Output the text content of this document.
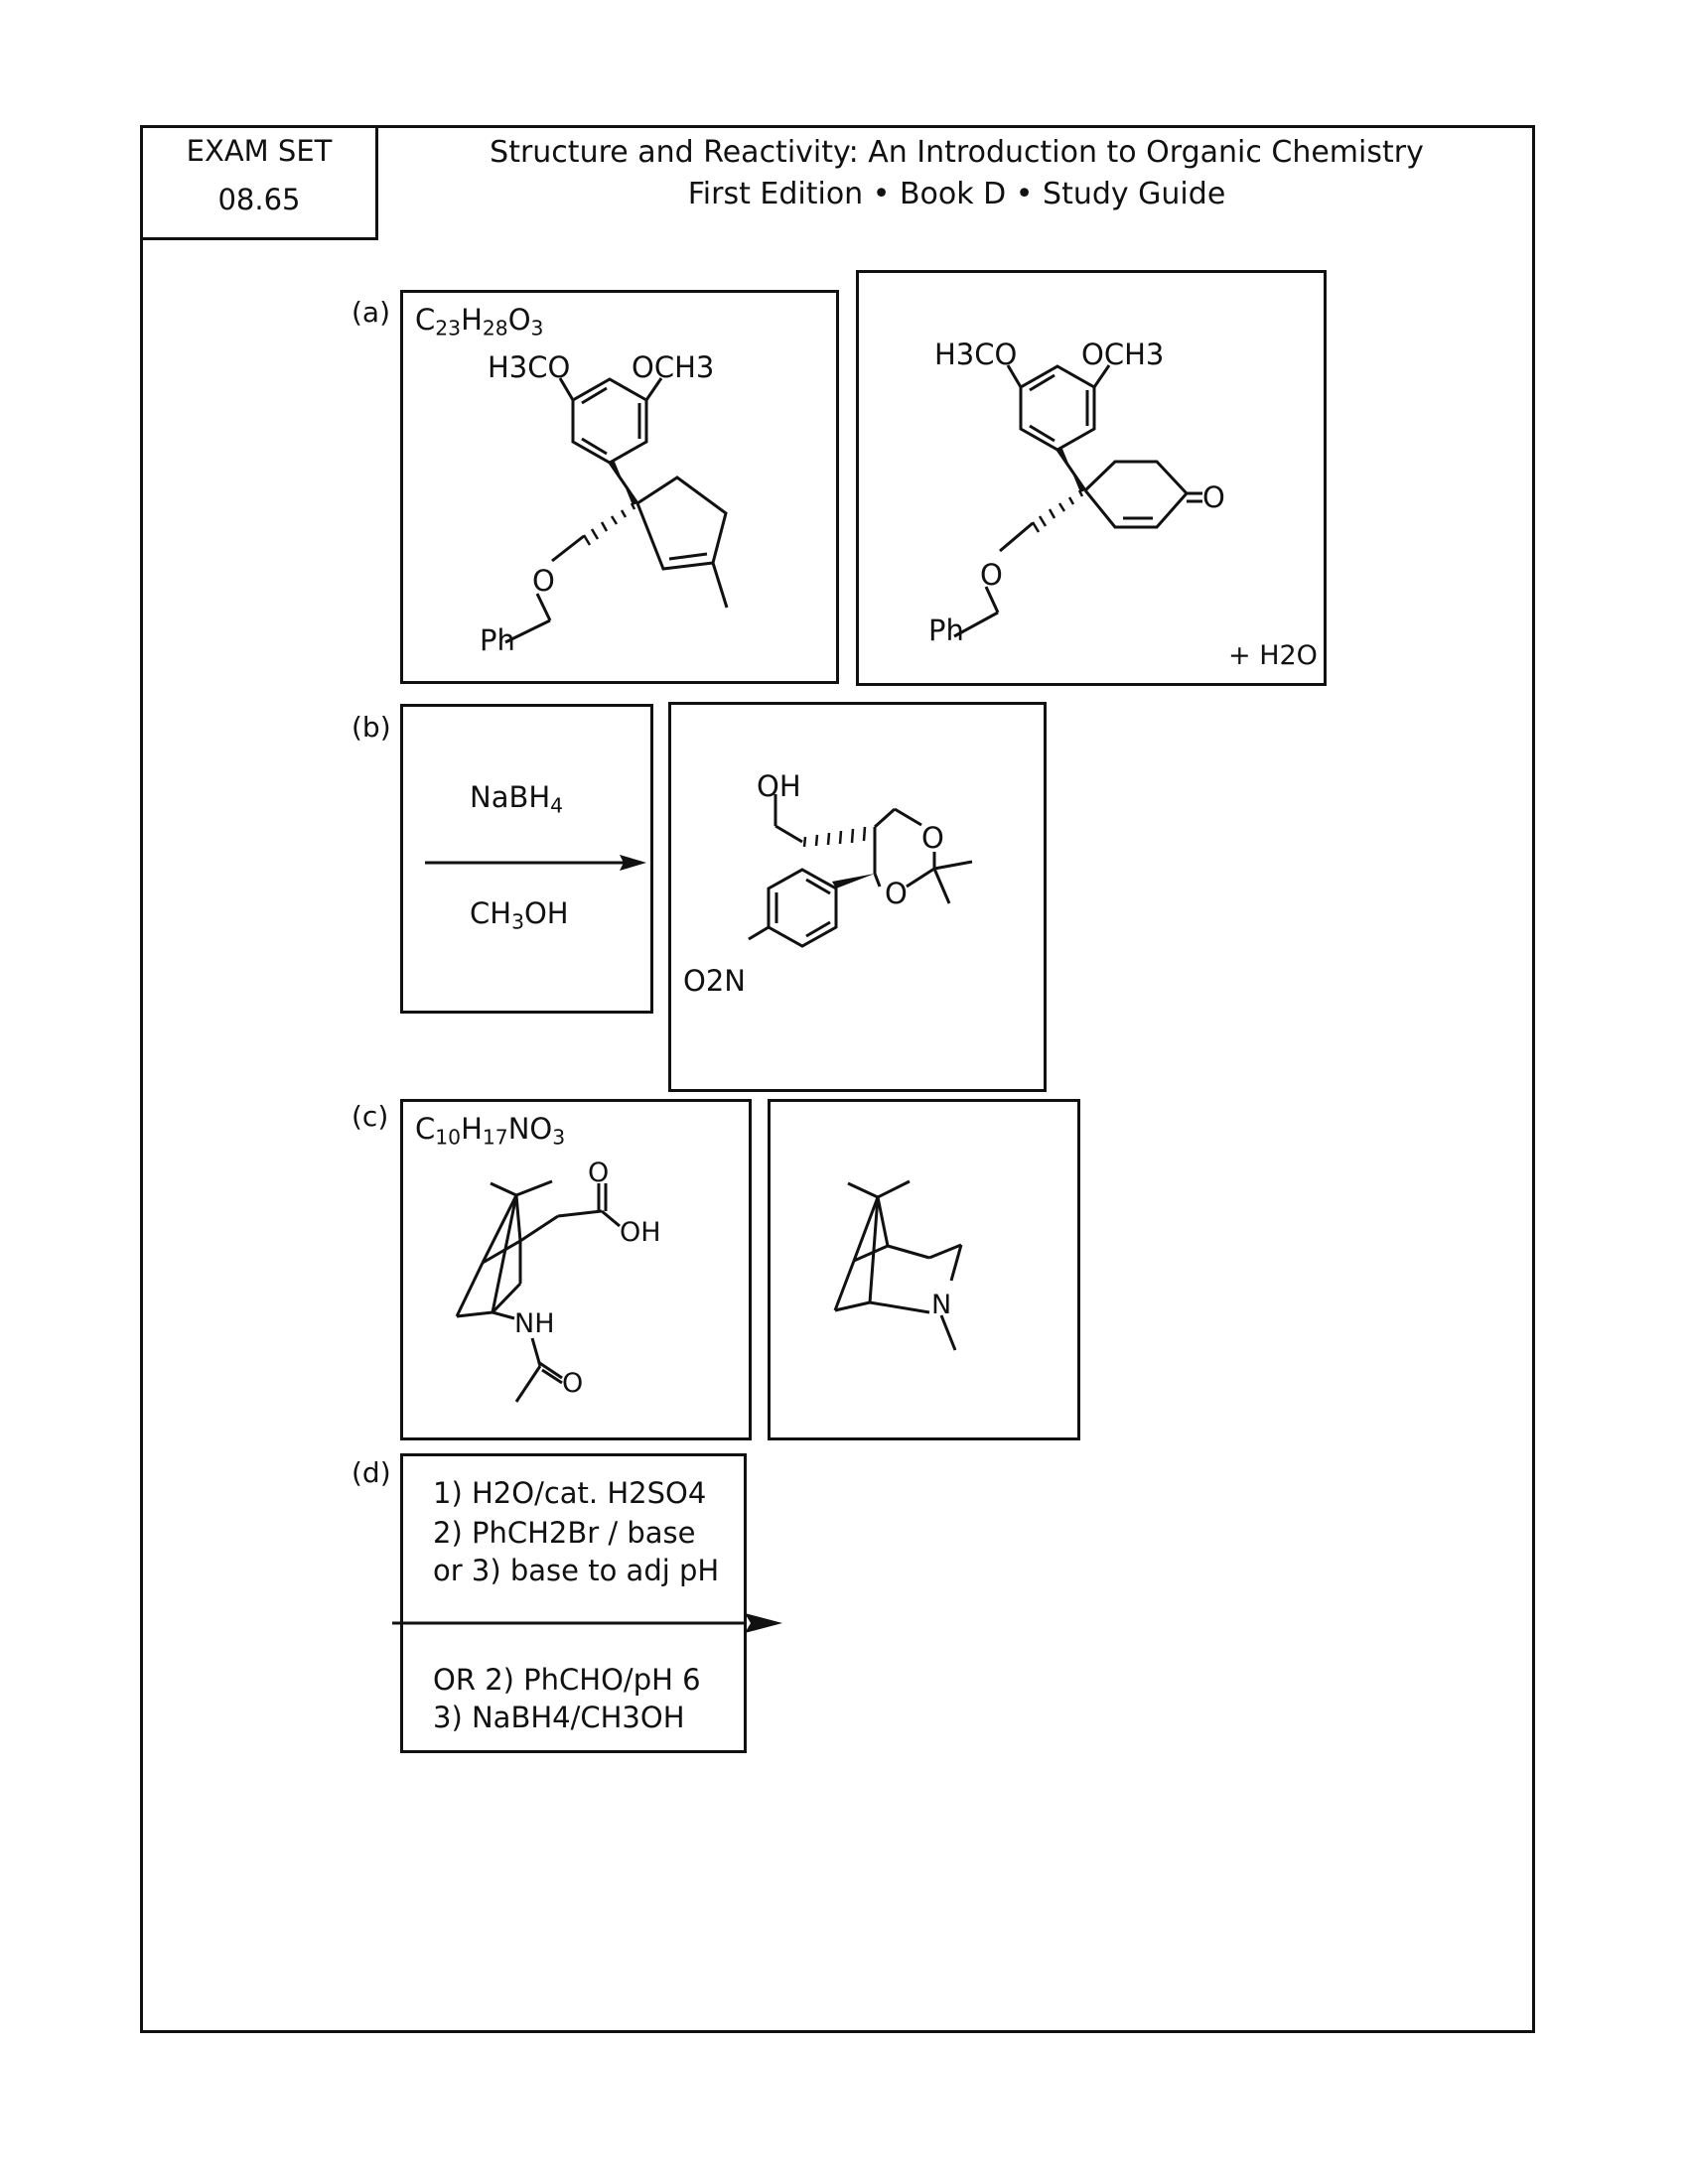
EXAM SET
08.65
Structure and Reactivity: An Introduction to Organic Chemistry
First Edition • Book D • Study Guide
(a) $C_{23}H_{28}O_3$
H3CO OCH3
O
Ph
H3CO OCH3
O
O
Ph
+ H2O
(b)
NaBH$_4$
$CH_3OH$
OH
O
O
O2N
(c) $C_{10}H_{17}NO_3$
O
OH
NH
O
N
(d)
1) H2O/cat. H2SO4
2) PhCH2Br / base
or 3) base to adj pH
OR 2) PhCHO/pH 6
3) NaBH4/CH3OH
